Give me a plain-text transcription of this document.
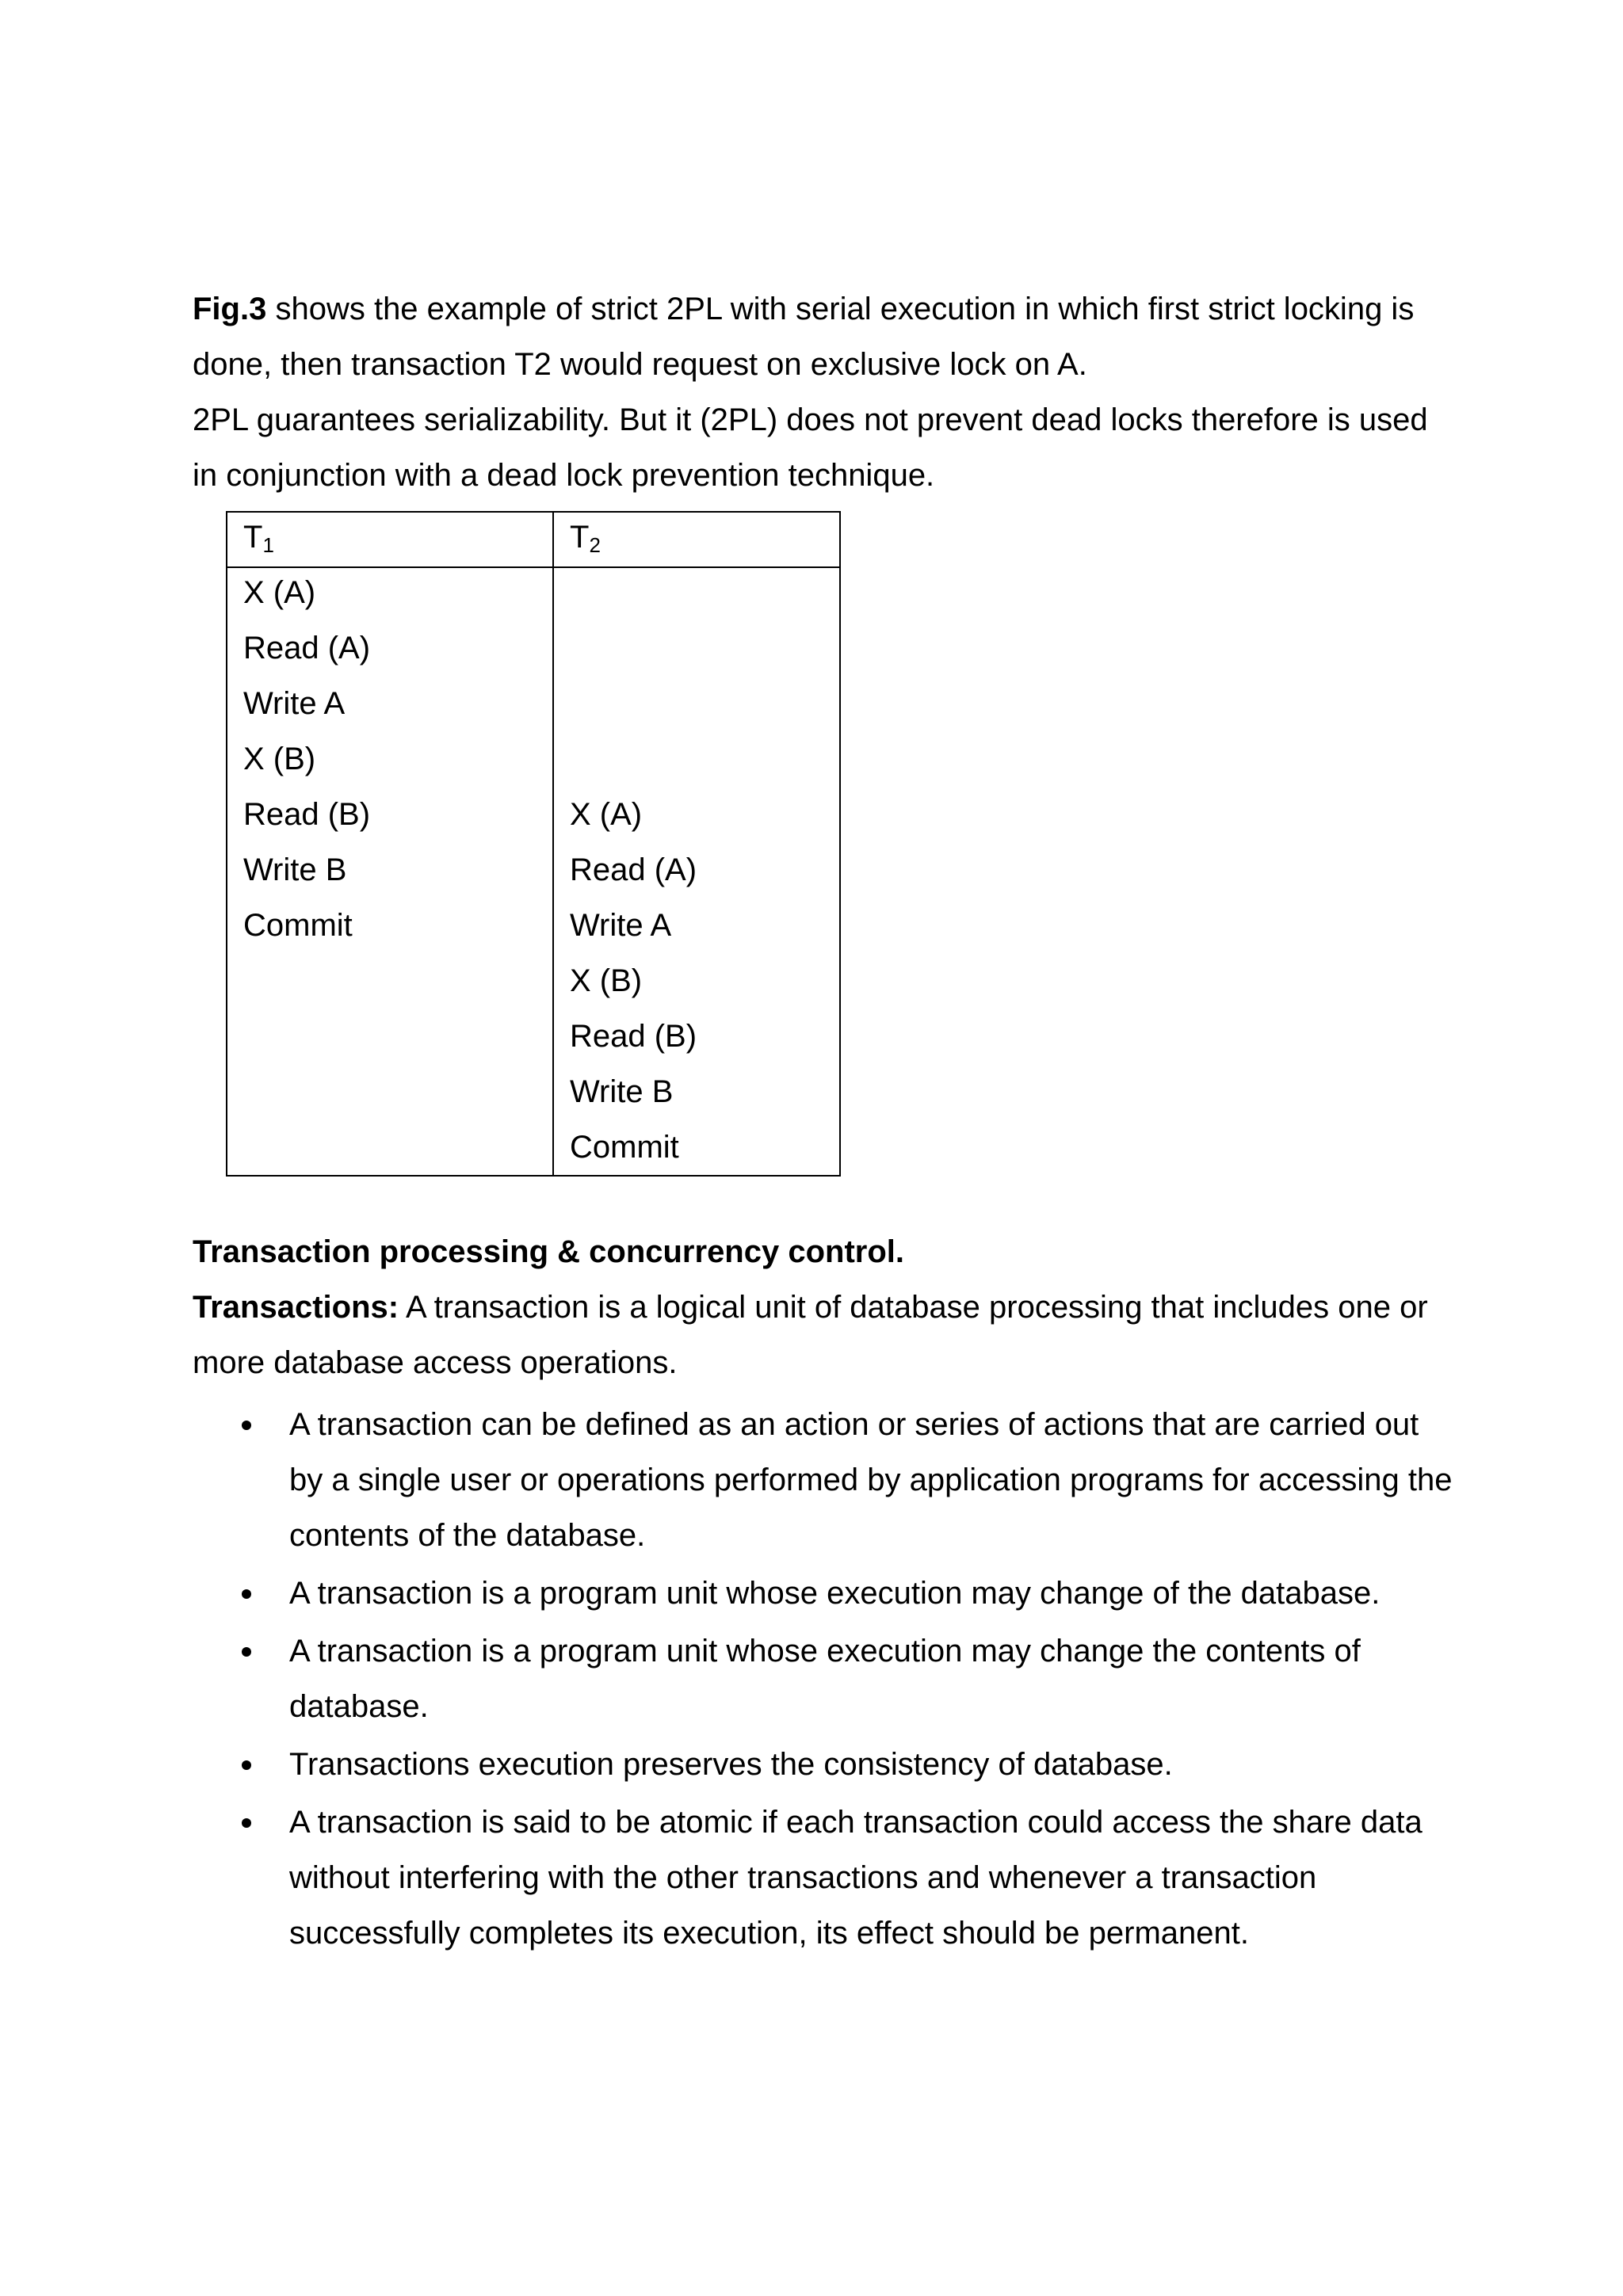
Fig.3 shows the example of strict 2PL with serial execution in which first strict locking is done, then transaction T2 would request on exclusive lock on A.

2PL guarantees serializability. But it (2PL) does not prevent dead locks therefore is used in conjunction with a dead lock prevention technique.

$T_1$	$T_2$
X (A)
Read (A)
Write A
X (B)
Read (B)
Write B
Commit
X (A)
Read (A)
Write A
X (B)
Read (B)
Write B
Commit

Transaction processing & concurrency control.

Transactions: A transaction is a logical unit of database processing that includes one or more database access operations.

A transaction can be defined as an action or series of actions that are carried out by a single user or operations performed by application programs for accessing the contents of the database.
A transaction is a program unit whose execution may change of the database.
A transaction is a program unit whose execution may change the contents of database.
Transactions execution preserves the consistency of database.
A transaction is said to be atomic if each transaction could access the share data without interfering with the other transactions and whenever a transaction successfully completes its execution, its effect should be permanent.
